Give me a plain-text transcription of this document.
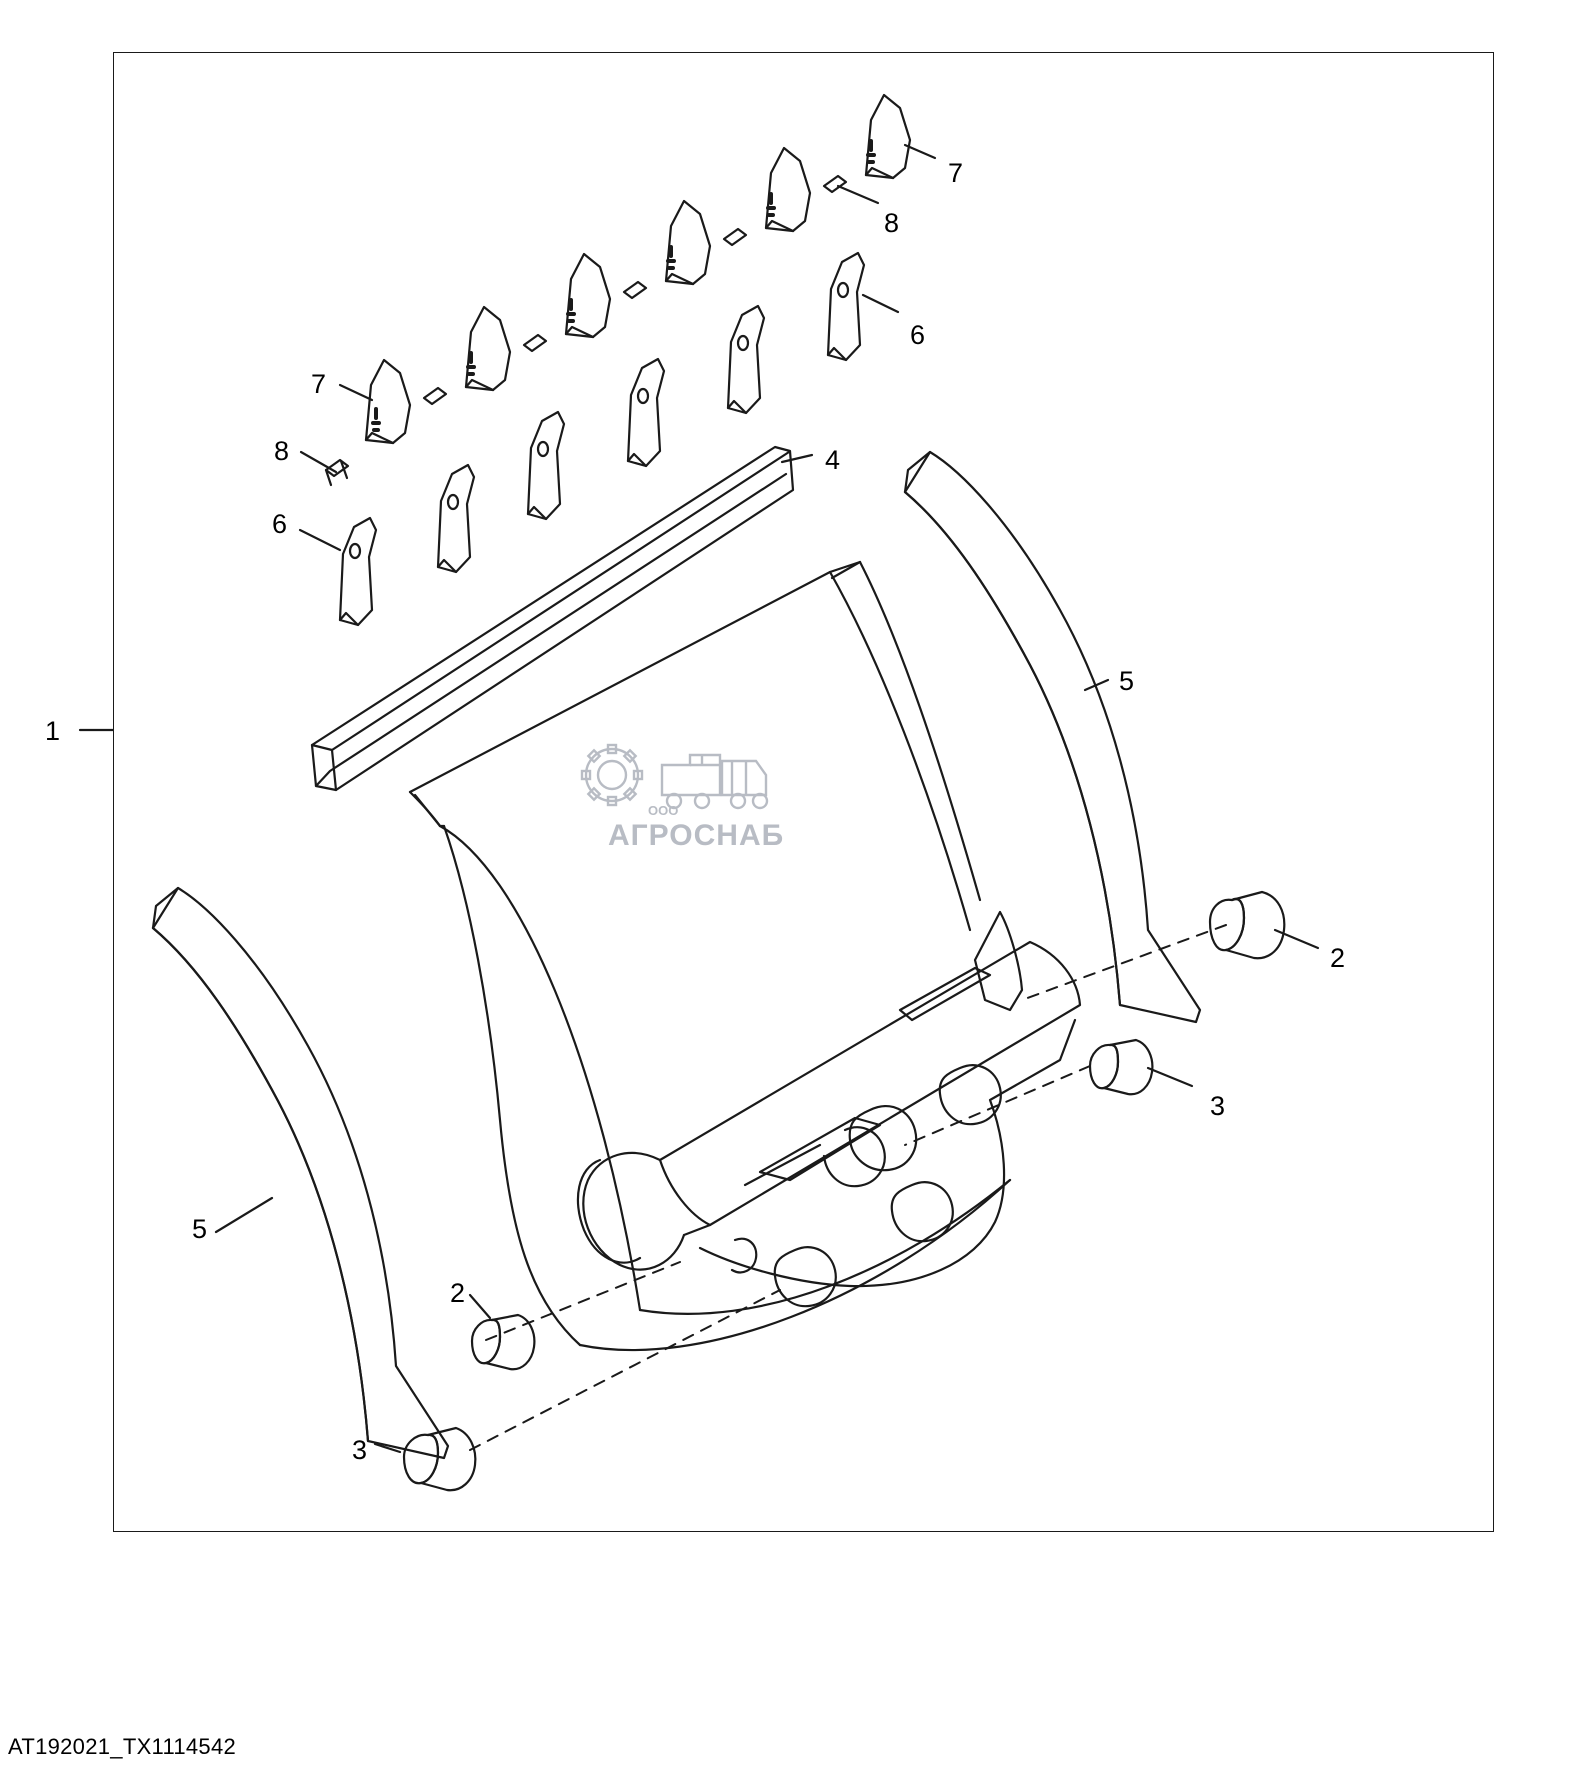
ООО
АГРОСНАБ
1
7
8
6
7
8
6
4
5
2
3
5
2
3
AT192021_TX1114542
